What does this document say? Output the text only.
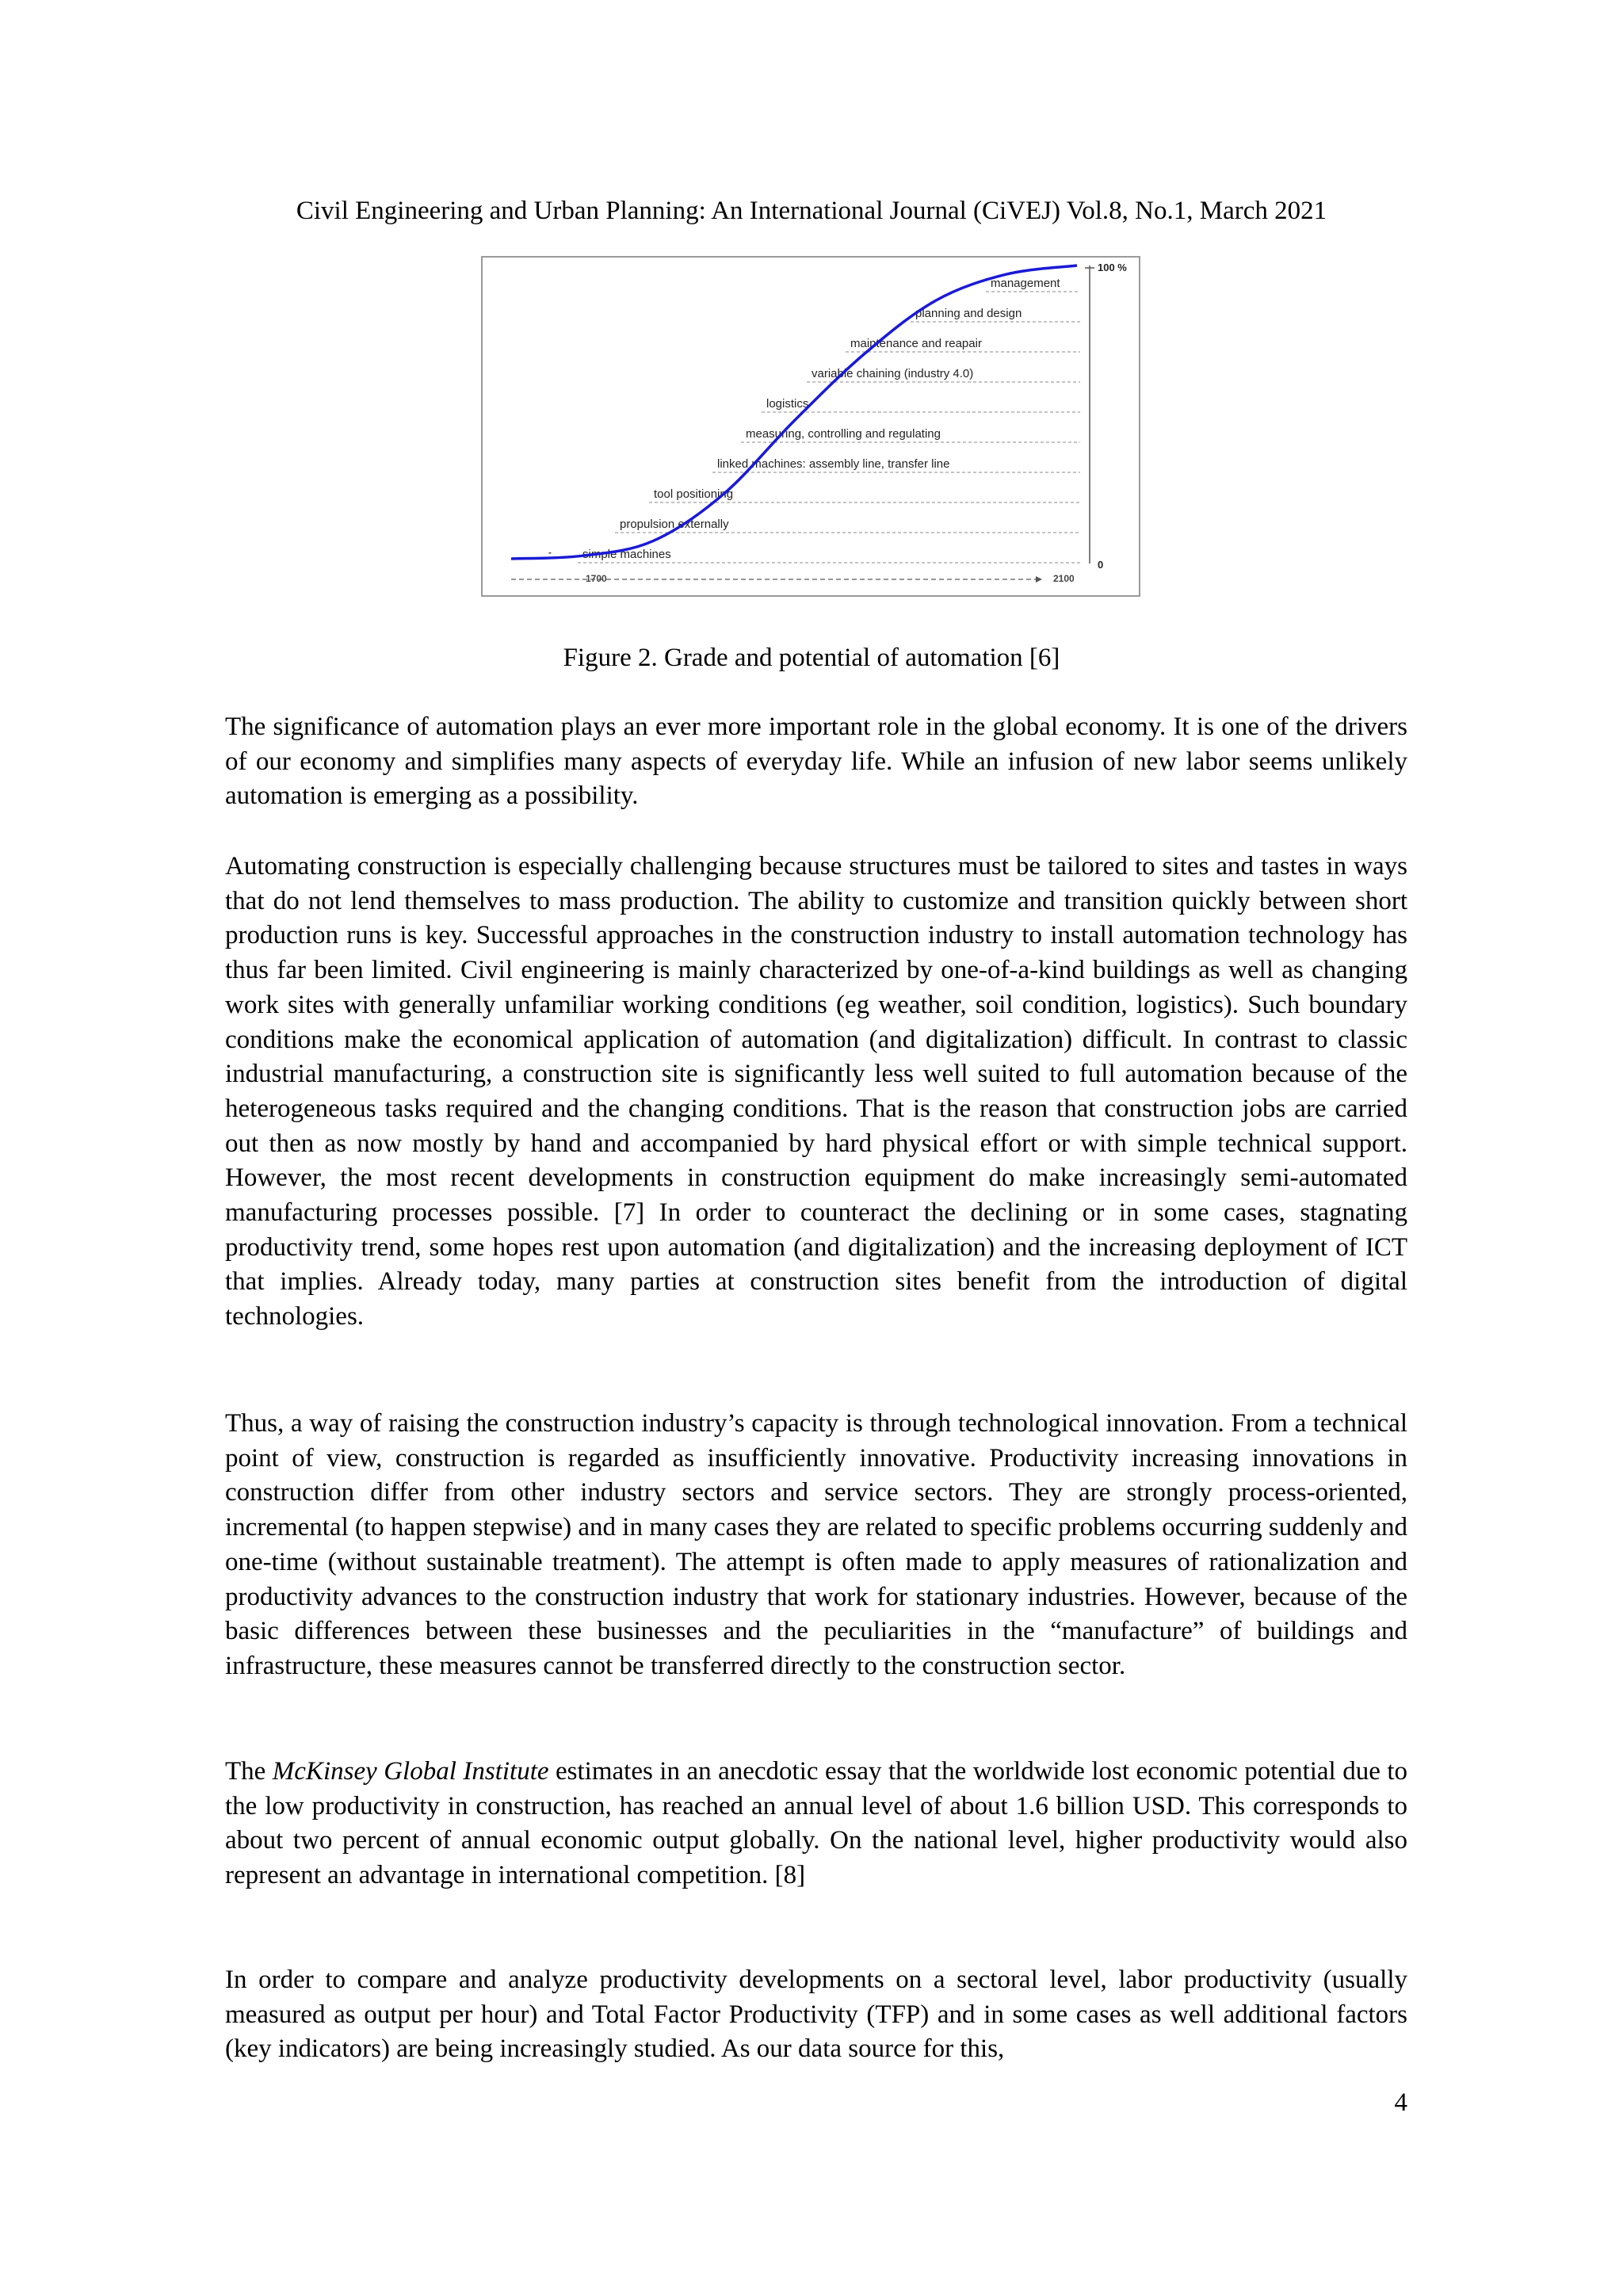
Civil Engineering and Urban Planning: An International Journal (CiVEJ) Vol.8, No.1, March 2021
management
planning and design
maintenance and reapair
variable chaining (industry 4.0)
logistics
measuring, controlling and regulating
linked machines: assembly line, transfer line
tool positioning
propulsion externally
simple machines
1700	2100
100 %
0
-
Figure 2. Grade and potential of automation [6]

The significance of automation plays an ever more important role in the global economy. It is one of the drivers of our economy and simplifies many aspects of everyday life. While an infusion of new labor seems unlikely automation is emerging as a possibility.

Automating construction is especially challenging because structures must be tailored to sites and tastes in ways that do not lend themselves to mass production. The ability to customize and transition quickly between short production runs is key. Successful approaches in the construction industry to install automation technology has thus far been limited. Civil engineering is mainly characterized by one-of-a-kind buildings as well as changing work sites with generally unfamiliar working conditions (eg weather, soil condition, logistics). Such boundary conditions make the economical application of automation (and digitalization) difficult. In contrast to classic industrial manufacturing, a construction site is significantly less well suited to full automation because of the heterogeneous tasks required and the changing conditions. That is the reason that construction jobs are carried out then as now mostly by hand and accompanied by hard physical effort or with simple technical support. However, the most recent developments in construction equipment do make increasingly semi-automated manufacturing processes possible. [7] In order to counteract the declining or in some cases, stagnating productivity trend, some hopes rest upon automation (and digitalization) and the increasing deployment of ICT that implies. Already today, many parties at construction sites benefit from the introduction of digital technologies.

Thus, a way of raising the construction industry’s capacity is through technological innovation. From a technical point of view, construction is regarded as insufficiently innovative. Productivity increasing innovations in construction differ from other industry sectors and service sectors. They are strongly process-oriented, incremental (to happen stepwise) and in many cases they are related to specific problems occurring suddenly and one-time (without sustainable treatment). The attempt is often made to apply measures of rationalization and productivity advances to the construction industry that work for stationary industries. However, because of the basic differences between these businesses and the peculiarities in the “manufacture” of buildings and infrastructure, these measures cannot be transferred directly to the construction sector.

The McKinsey Global Institute estimates in an anecdotic essay that the worldwide lost economic potential due to the low productivity in construction, has reached an annual level of about 1.6 billion USD. This corresponds to about two percent of annual economic output globally. On the national level, higher productivity would also represent an advantage in international competition. [8]

In order to compare and analyze productivity developments on a sectoral level, labor productivity (usually measured as output per hour) and Total Factor Productivity (TFP) and in some cases as well additional factors (key indicators) are being increasingly studied. As our data source for this,

4
